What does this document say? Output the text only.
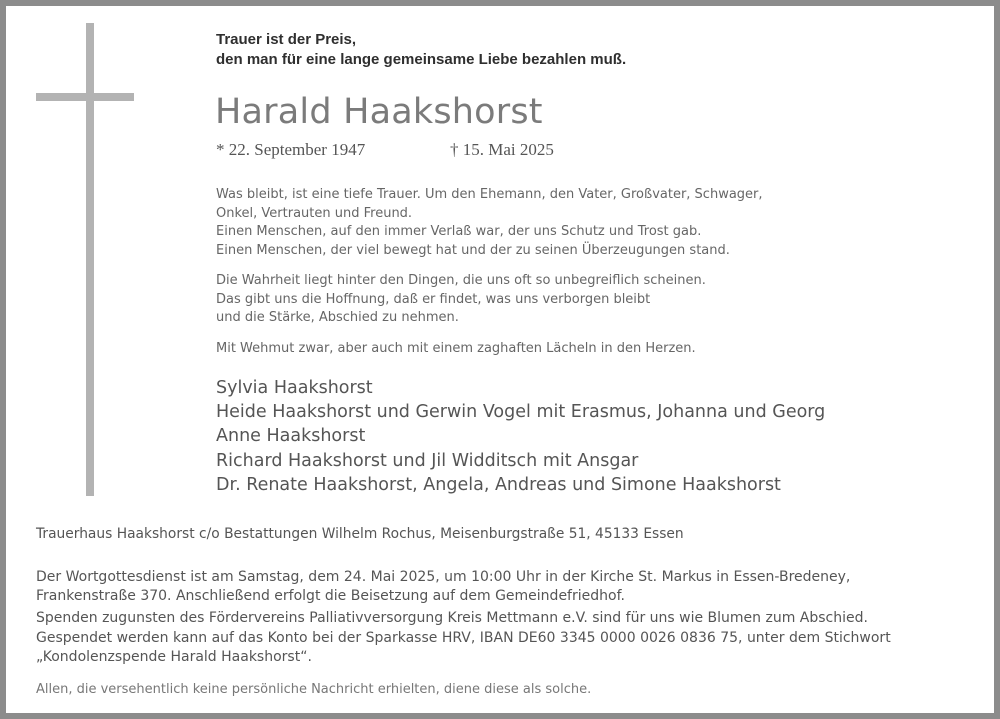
Trauer ist der Preis,
den man für eine lange gemeinsame Liebe bezahlen muß.
Harald Haakshorst
* 22. September 1947	† 15. Mai 2025
Was bleibt, ist eine tiefe Trauer. Um den Ehemann, den Vater, Großvater, Schwager,
Onkel, Vertrauten und Freund.
Einen Menschen, auf den immer Verlaß war, der uns Schutz und Trost gab.
Einen Menschen, der viel bewegt hat und der zu seinen Überzeugungen stand.
Die Wahrheit liegt hinter den Dingen, die uns oft so unbegreiflich scheinen.
Das gibt uns die Hoffnung, daß er findet, was uns verborgen bleibt
und die Stärke, Abschied zu nehmen.
Mit Wehmut zwar, aber auch mit einem zaghaften Lächeln in den Herzen.
Sylvia Haakshorst
Heide Haakshorst und Gerwin Vogel mit Erasmus, Johanna und Georg
Anne Haakshorst
Richard Haakshorst und Jil Widditsch mit Ansgar
Dr. Renate Haakshorst, Angela, Andreas und Simone Haakshorst
Trauerhaus Haakshorst c/o Bestattungen Wilhelm Rochus, Meisenburgstraße 51, 45133 Essen
Der Wortgottesdienst ist am Samstag, dem 24. Mai 2025, um 10:00 Uhr in der Kirche St. Markus in Essen-Bredeney,
Frankenstraße 370. Anschließend erfolgt die Beisetzung auf dem Gemeindefriedhof.
Spenden zugunsten des Fördervereins Palliativversorgung Kreis Mettmann e.V. sind für uns wie Blumen zum Abschied.
Gespendet werden kann auf das Konto bei der Sparkasse HRV, IBAN DE60 3345 0000 0026 0836 75, unter dem Stichwort
„Kondolenzspende Harald Haakshorst“.
Allen, die versehentlich keine persönliche Nachricht erhielten, diene diese als solche.
